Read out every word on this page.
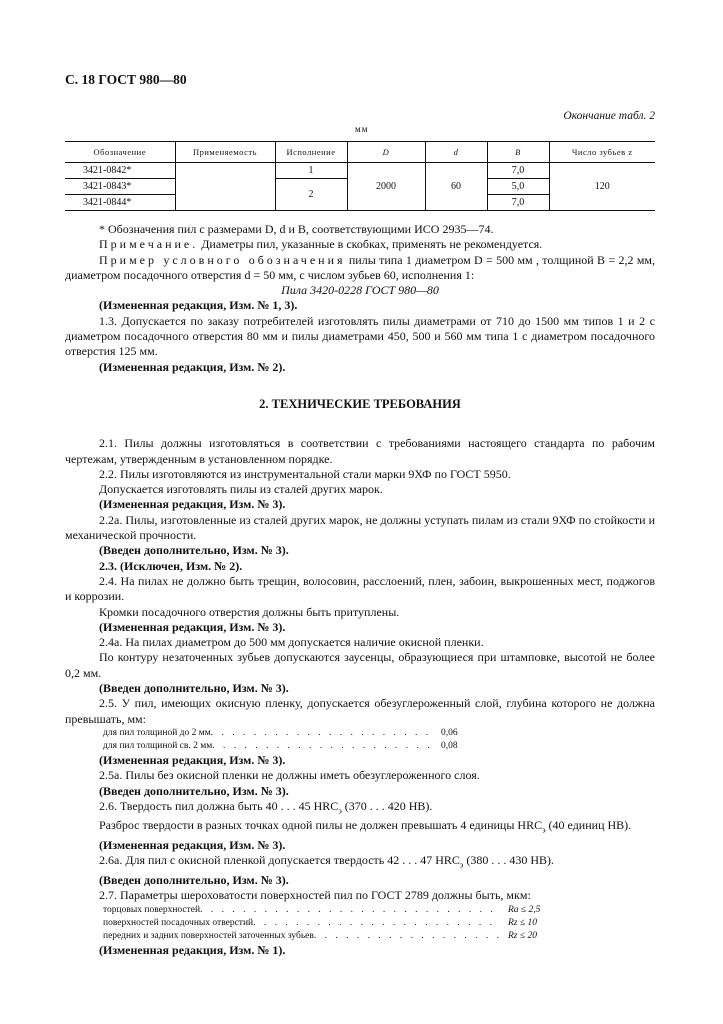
С. 18 ГОСТ 980—80
Окончание табл. 2
мм
Обозначение	Применяемость	Исполнение	D	d	B	Число зубьев z
3421-0842*		1	2000	60	7,0	120
3421-0843*		2			5,0	
3421-0844*					7,0	

* Обозначения пил с размерами D, d и B, соответствующими ИСО 2935—74.

Примечание. Диаметры пил, указанные в скобках, применять не рекомендуется.

Пример условного обозначения пилы типа 1 диаметром D = 500 мм , толщиной B = 2,2 мм, диаметром посадочного отверстия d = 50 мм, с числом зубьев 60, исполнения 1:

Пила 3420-0228 ГОСТ 980—80

(Измененная редакция, Изм. № 1, 3).

1.3. Допускается по заказу потребителей изготовлять пилы диаметрами от 710 до 1500 мм типов 1 и 2 с диаметром посадочного отверстия 80 мм и пилы диаметрами 450, 500 и 560 мм типа 1 с диаметром посадочного отверстия 125 мм.

(Измененная редакция, Изм. № 2).

2. ТЕХНИЧЕСКИЕ ТРЕБОВАНИЯ

2.1. Пилы должны изготовляться в соответствии с требованиями настоящего стандарта по рабочим чертежам, утвержденным в установленном порядке.

2.2. Пилы изготовляются из инструментальной стали марки 9ХФ по ГОСТ 5950.

Допускается изготовлять пилы из сталей других марок.

(Измененная редакция, Изм. № 3).

2.2а. Пилы, изготовленные из сталей других марок, не должны уступать пилам из стали 9ХФ по стойкости и механической прочности.

(Введен дополнительно, Изм. № 3).

2.3. (Исключен, Изм. № 2).

2.4. На пилах не должно быть трещин, волосовин, расслоений, плен, забоин, выкрошенных мест, поджогов и коррозии.

Кромки посадочного отверстия должны быть притуплены.

(Измененная редакция, Изм. № 3).

2.4а. На пилах диаметром до 500 мм допускается наличие окисной пленки.

По контуру незаточенных зубьев допускаются заусенцы, образующиеся при штамповке, высотой не более 0,2 мм.

(Введен дополнительно, Изм. № 3).

2.5. У пил, имеющих окисную пленку, допускается обезуглероженный слой, глубина которого не должна превышать, мм:

для пил толщиной до 2 мм . . .	0,06
для пил толщиной св. 2 мм . . .	0,08

(Измененная редакция, Изм. № 3).

2.5а. Пилы без окисной пленки не должны иметь обезуглероженного слоя.

(Введен дополнительно, Изм. № 3).

2.6. Твердость пил должна быть 40 . . . 45 $HRC_э$ (370 . . . 420 HB).

Разброс твердости в разных точках одной пилы не должен превышать 4 единицы $HRC_э$ (40 единиц HB).

(Измененная редакция, Изм. № 3).

2.6а. Для пил с окисной пленкой допускается твердость 42 . . . 47 $HRC_э$ (380 . . . 430 HB).

(Введен дополнительно, Изм. № 3).

2.7. Параметры шероховатости поверхностей пил по ГОСТ 2789 должны быть, мкм:

торцовых поверхностей . . .	Ra ≤ 2,5
поверхностей посадочных отверстий . . .	Rz ≤ 10
передних и задних поверхностей заточенных зубьев . . .	Rz ≤ 20

(Измененная редакция, Изм. № 1).
